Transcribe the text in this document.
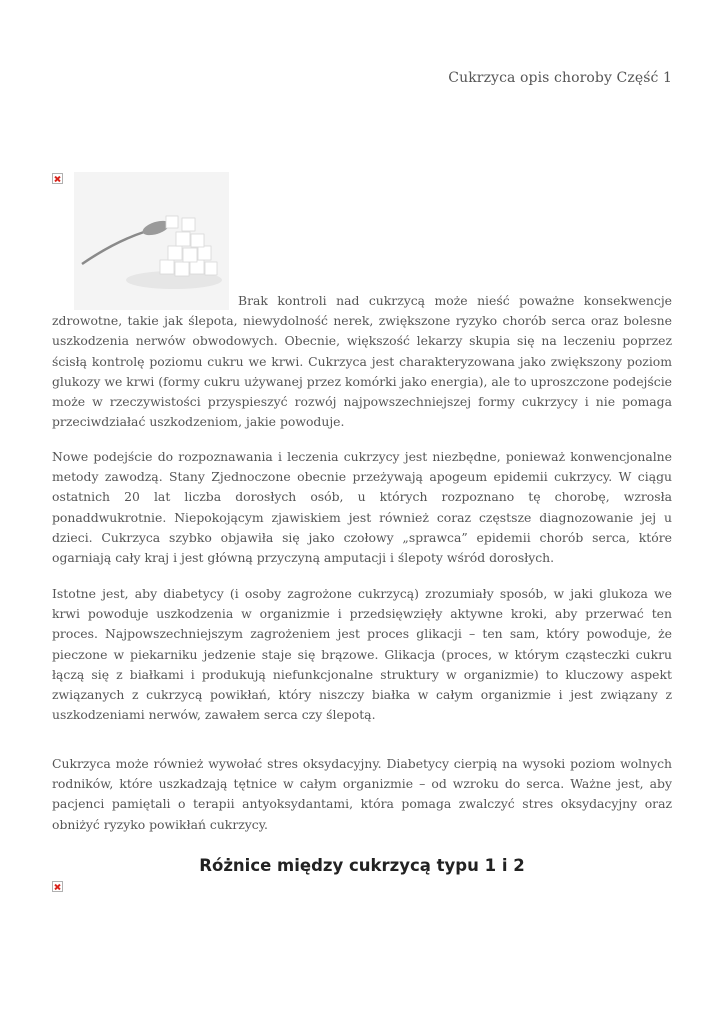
Cukrzyca opis choroby Część 1

Brak kontroli nad cukrzycą może nieść poważne konsekwencje zdrowotne, takie jak ślepota, niewydolność nerek, zwiększone ryzyko chorób serca oraz bolesne uszkodzenia nerwów obwodowych. Obecnie, większość lekarzy skupia się na leczeniu poprzez ścisłą kontrolę poziomu cukru we krwi. Cukrzyca jest charakteryzowana jako zwiększony poziom glukozy we krwi (formy cukru używanej przez komórki jako energia), ale to uproszczone podejście może w rzeczywistości przyspieszyć rozwój najpowszechniejszej formy cukrzycy i nie pomaga przeciwdziałać uszkodzeniom, jakie powoduje.

Nowe podejście do rozpoznawania i leczenia cukrzycy jest niezbędne, ponieważ konwencjonalne metody zawodzą. Stany Zjednoczone obecnie przeżywają apogeum epidemii cukrzycy. W ciągu ostatnich 20 lat liczba dorosłych osób, u których rozpoznano tę chorobę, wzrosła ponaddwukrotnie. Niepokojącym zjawiskiem jest również coraz częstsze diagnozowanie jej u dzieci. Cukrzyca szybko objawiła się jako czołowy „sprawca” epidemii chorób serca, które ogarniają cały kraj i jest główną przyczyną amputacji i ślepoty wśród dorosłych.

Istotne jest, aby diabetycy (i osoby zagrożone cukrzycą) zrozumiały sposób, w jaki glukoza we krwi powoduje uszkodzenia w organizmie i przedsięwzięły aktywne kroki, aby przerwać ten proces. Najpowszechniejszym zagrożeniem jest proces glikacji – ten sam, który powoduje, że pieczone w piekarniku jedzenie staje się brązowe. Glikacja (proces, w którym cząsteczki cukru łączą się z białkami i produkują niefunkcjonalne struktury w organizmie) to kluczowy aspekt związanych z cukrzycą powikłań, który niszczy białka w całym organizmie i jest związany z uszkodzeniami nerwów, zawałem serca czy ślepotą.

Cukrzyca może również wywołać stres oksydacyjny. Diabetycy cierpią na wysoki poziom wolnych rodników, które uszkadzają tętnice w całym organizmie – od wzroku do serca. Ważne jest, aby pacjenci pamiętali o terapii antyoksydantami, która pomaga zwalczyć stres oksydacyjny oraz obniżyć ryzyko powikłań cukrzycy.

Różnice między cukrzycą typu 1 i 2
